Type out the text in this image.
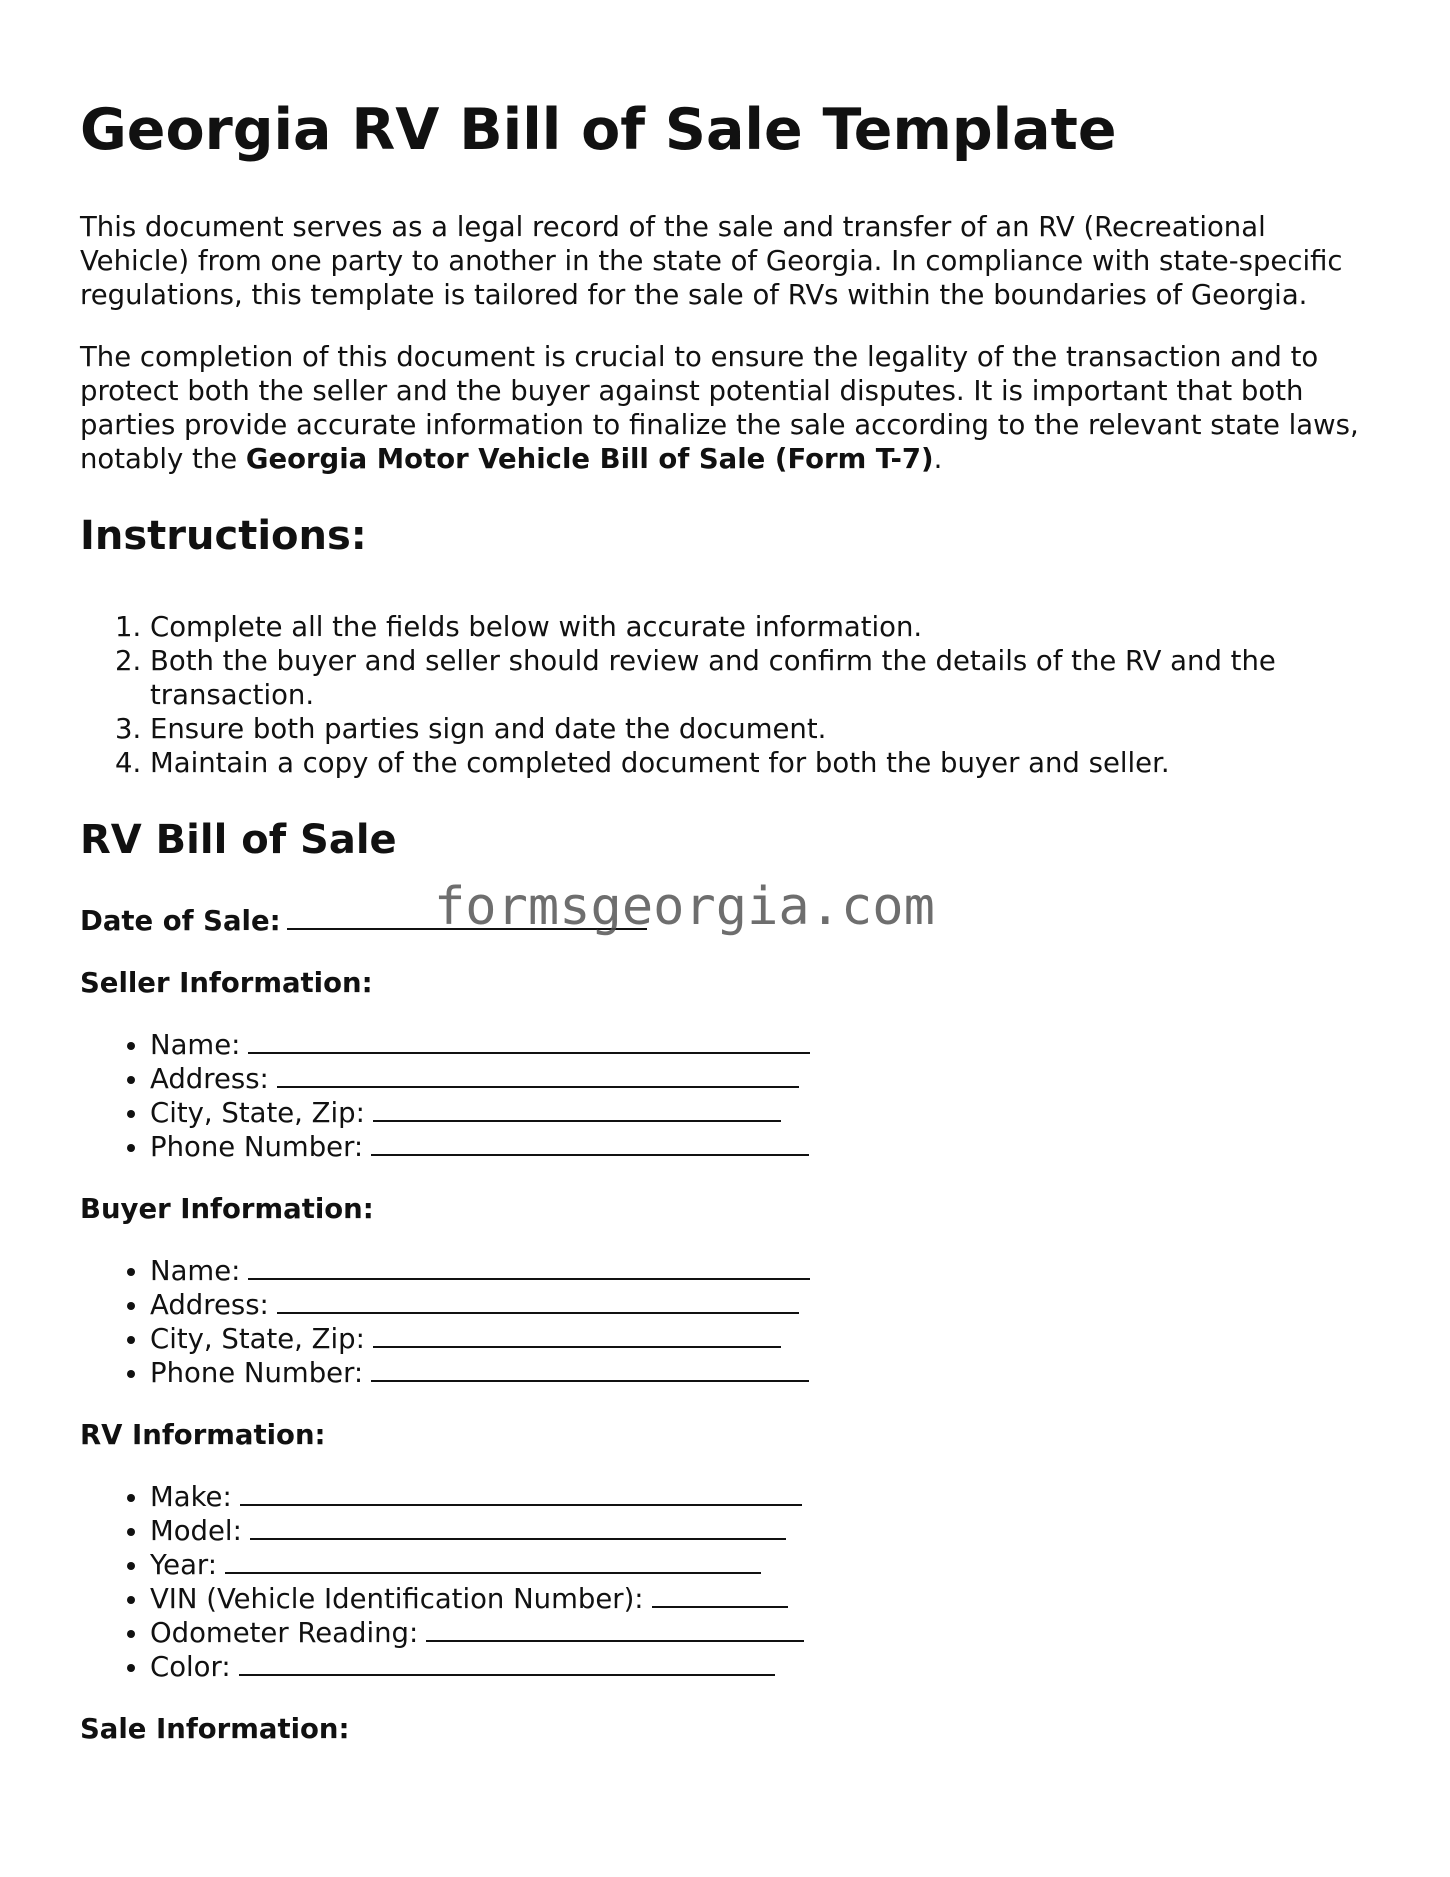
Georgia RV Bill of Sale Template

This document serves as a legal record of the sale and transfer of an RV (Recreational Vehicle) from one party to another in the state of Georgia. In compliance with state-specific regulations, this template is tailored for the sale of RVs within the boundaries of Georgia.

The completion of this document is crucial to ensure the legality of the transaction and to protect both the seller and the buyer against potential disputes. It is important that both parties provide accurate information to finalize the sale according to the relevant state laws, notably the Georgia Motor Vehicle Bill of Sale (Form T-7).

Instructions:
1. Complete all the fields below with accurate information.
2. Both the buyer and seller should review and confirm the details of the RV and the transaction.
3. Ensure both parties sign and date the document.
4. Maintain a copy of the completed document for both the buyer and seller.
RV Bill of Sale
Date of Sale:	formsgeorgia.com
Seller Information:
• Name:
• Address:
• City, State, Zip:
• Phone Number:
Buyer Information:
• Name:
• Address:
• City, State, Zip:
• Phone Number:
RV Information:
• Make:
• Model:
• Year:
• VIN (Vehicle Identification Number):
• Odometer Reading:
• Color:
Sale Information:
